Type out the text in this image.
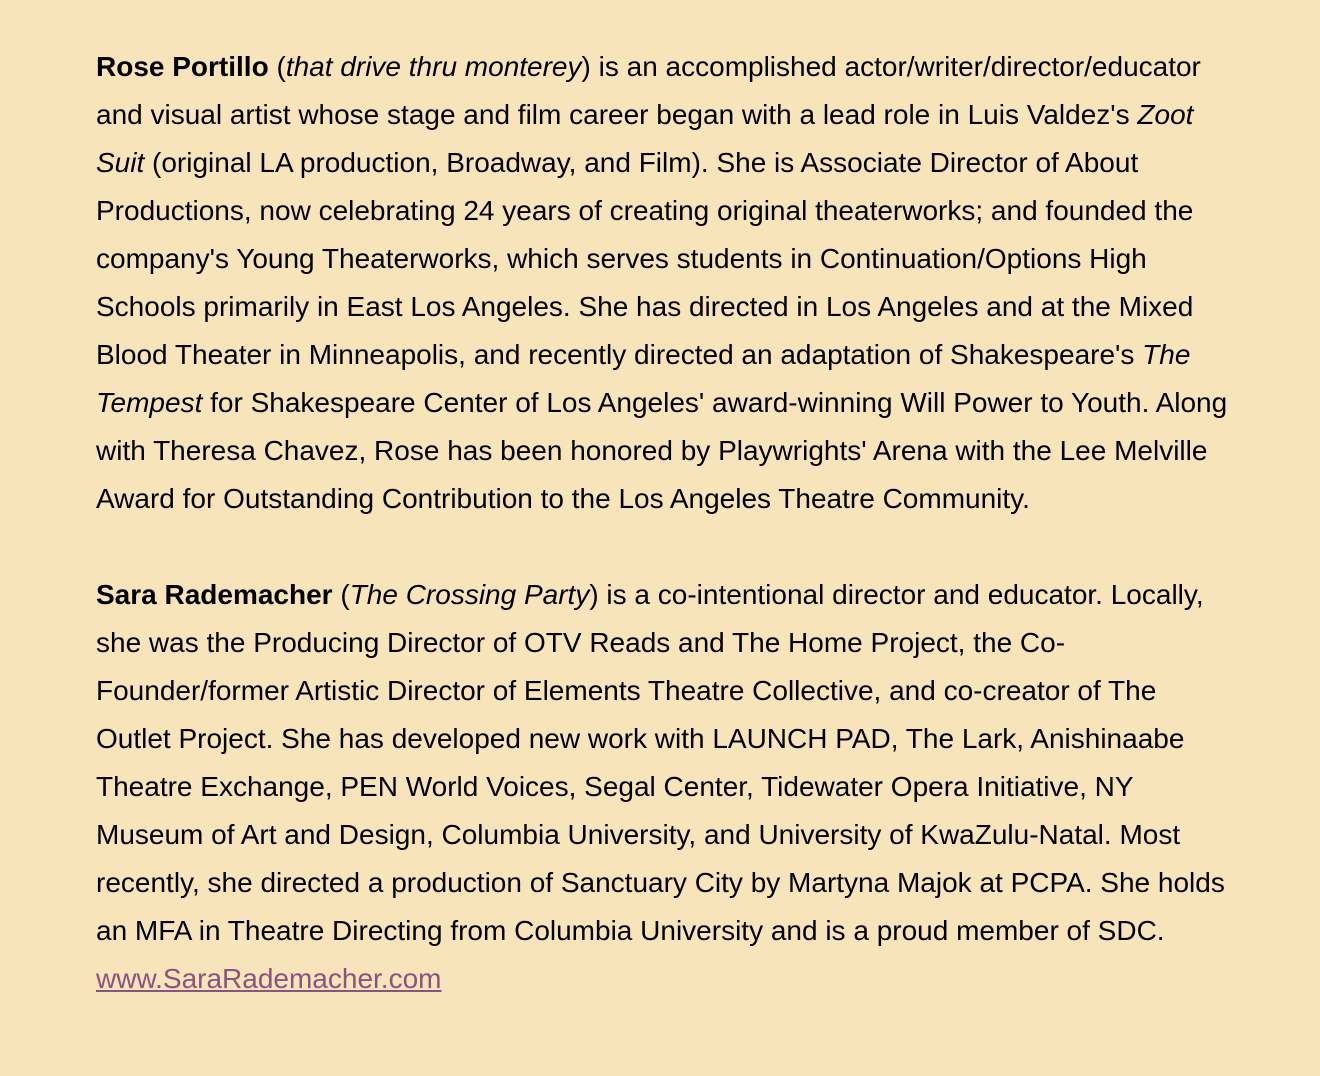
Rose Portillo (that drive thru monterey) is an accomplished actor/writer/director/educator and visual artist whose stage and film career began with a lead role in Luis Valdez's Zoot Suit (original LA production, Broadway, and Film). She is Associate Director of About Productions, now celebrating 24 years of creating original theaterworks; and founded the company's Young Theaterworks, which serves students in Continuation/Options High Schools primarily in East Los Angeles. She has directed in Los Angeles and at the Mixed Blood Theater in Minneapolis, and recently directed an adaptation of Shakespeare's The Tempest for Shakespeare Center of Los Angeles' award-winning Will Power to Youth. Along with Theresa Chavez, Rose has been honored by Playwrights' Arena with the Lee Melville Award for Outstanding Contribution to the Los Angeles Theatre Community.

Sara Rademacher (The Crossing Party) is a co-intentional director and educator. Locally, she was the Producing Director of OTV Reads and The Home Project, the Co-Founder/former Artistic Director of Elements Theatre Collective, and co-creator of The Outlet Project. She has developed new work with LAUNCH PAD, The Lark, Anishinaabe Theatre Exchange, PEN World Voices, Segal Center, Tidewater Opera Initiative, NY Museum of Art and Design, Columbia University, and University of KwaZulu-Natal. Most recently, she directed a production of Sanctuary City by Martyna Majok at PCPA. She holds an MFA in Theatre Directing from Columbia University and is a proud member of SDC. www.SaraRademacher.com
